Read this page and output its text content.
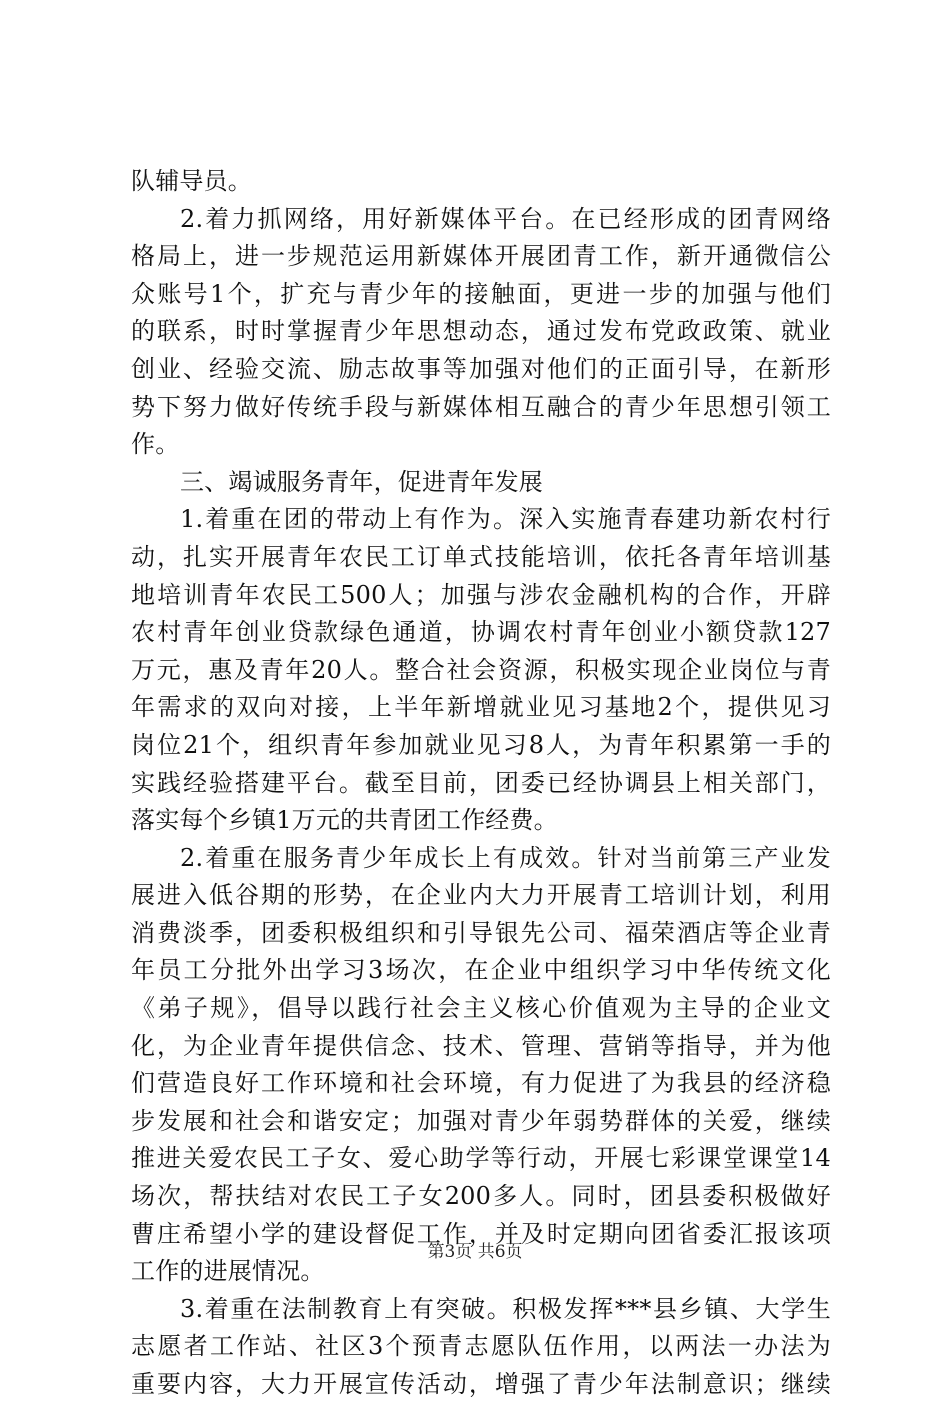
队辅导员。
2.着力抓网络，用好新媒体平台。在已经形成的团青网络
格局上，进一步规范运用新媒体开展团青工作，新开通微信公
众账号1个，扩充与青少年的接触面，更进一步的加强与他们
的联系，时时掌握青少年思想动态，通过发布党政政策、就业
创业、经验交流、励志故事等加强对他们的正面引导，在新形
势下努力做好传统手段与新媒体相互融合的青少年思想引领工
作。
三、竭诚服务青年，促进青年发展
1.着重在团的带动上有作为。深入实施青春建功新农村行
动，扎实开展青年农民工订单式技能培训，依托各青年培训基
地培训青年农民工500人；加强与涉农金融机构的合作，开辟
农村青年创业贷款绿色通道，协调农村青年创业小额贷款127
万元，惠及青年20人。整合社会资源，积极实现企业岗位与青
年需求的双向对接，上半年新增就业见习基地2个，提供见习
岗位21个，组织青年参加就业见习8人，为青年积累第一手的
实践经验搭建平台。截至目前，团委已经协调县上相关部门，
落实每个乡镇1万元的共青团工作经费。
2.着重在服务青少年成长上有成效。针对当前第三产业发
展进入低谷期的形势，在企业内大力开展青工培训计划，利用
消费淡季，团委积极组织和引导银先公司、福荣酒店等企业青
年员工分批外出学习3场次，在企业中组织学习中华传统文化
《弟子规》，倡导以践行社会主义核心价值观为主导的企业文
化，为企业青年提供信念、技术、管理、营销等指导，并为他
们营造良好工作环境和社会环境，有力促进了为我县的经济稳
步发展和社会和谐安定；加强对青少年弱势群体的关爱，继续
推进关爱农民工子女、爱心助学等行动，开展七彩课堂课堂14
场次，帮扶结对农民工子女200多人。同时，团县委积极做好
曹庄希望小学的建设督促工作，并及时定期向团省委汇报该项
工作的进展情况。
3.着重在法制教育上有突破。积极发挥***县乡镇、大学生
志愿者工作站、社区3个预青志愿队伍作用，以两法一办法为
重要内容，大力开展宣传活动，增强了青少年法制意识；继续
第3页 共6页
